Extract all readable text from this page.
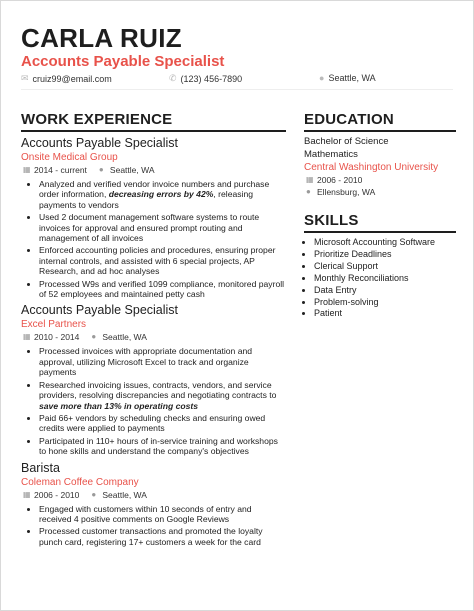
CARLA RUIZ
Accounts Payable Specialist
✉ cruiz99@email.com	✆ (123) 456-7890	● Seattle, WA
WORK EXPERIENCE
Accounts Payable Specialist
Onsite Medical Group
▦ 2014 - current ● Seattle, WA
• Analyzed and verified vendor invoice numbers and purchase order information, decreasing errors by 42%, releasing payments to vendors
• Used 2 document management software systems to route invoices for approval and ensured prompt routing and management of all invoices
• Enforced accounting policies and procedures, ensuring proper internal controls, and assisted with 6 special projects, AP Research, and ad hoc analyses
• Processed W9s and verified 1099 compliance, monitored payroll of 52 employees and maintained petty cash
Accounts Payable Specialist
Excel Partners
▦ 2010 - 2014 ● Seattle, WA
• Processed invoices with appropriate documentation and approval, utilizing Microsoft Excel to track and organize payments
• Researched invoicing issues, contracts, vendors, and service providers, resolving discrepancies and negotiating contracts to save more than 13% in operating costs
• Paid 66+ vendors by scheduling checks and ensuring owed credits were applied to payments
• Participated in 110+ hours of in-service training and workshops to hone skills and understand the company's objectives
Barista
Coleman Coffee Company
▦ 2006 - 2010 ● Seattle, WA
• Engaged with customers within 10 seconds of entry and received 4 positive comments on Google Reviews
• Processed customer transactions and promoted the loyalty punch card, registering 17+ customers a week for the card
EDUCATION
Bachelor of Science
Mathematics
Central Washington University
▦ 2006 - 2010
● Ellensburg, WA
SKILLS
• Microsoft Accounting Software
• Prioritize Deadlines
• Clerical Support
• Monthly Reconciliations
• Data Entry
• Problem-solving
• Patient
